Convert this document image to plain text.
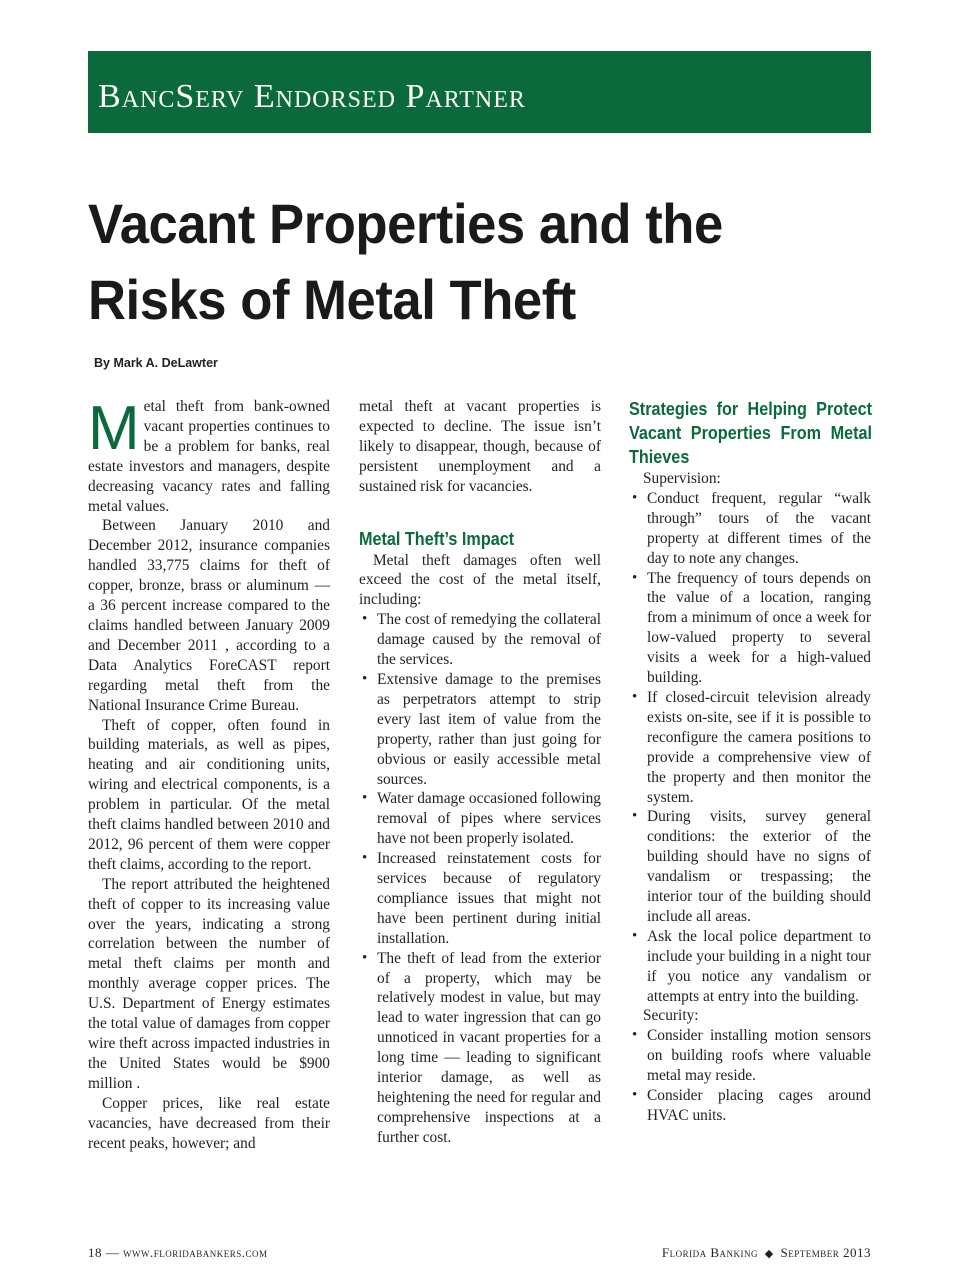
BancServ Endorsed Partner
Vacant Properties and the
Risks of Metal Theft
By Mark A. DeLawter

Metal theft from bank-owned vacant properties continues to be a problem for banks, real estate investors and managers, despite decreasing vacancy rates and falling metal values.

Between January 2010 and December 2012, insurance companies handled 33,775 claims for theft of copper, bronze, brass or aluminum — a 36 percent increase compared to the claims handled between January 2009 and December 2011 , according to a Data Analytics ForeCAST report regarding metal theft from the National Insurance Crime Bureau.

Theft of copper, often found in building materials, as well as pipes, heating and air conditioning units, wiring and electrical components, is a problem in particular. Of the metal theft claims handled between 2010 and 2012, 96 percent of them were copper theft claims, according to the report.

The report attributed the heightened theft of copper to its increasing value over the years, indicating a strong correlation between the number of metal theft claims per month and monthly average copper prices. The U.S. Department of Energy estimates the total value of damages from copper wire theft across impacted industries in the United States would be $900 million .

Copper prices, like real estate vacancies, have decreased from their recent peaks, however; and

metal theft at vacant properties is expected to decline. The issue isn’t likely to disappear, though, because of persistent unemployment and a sustained risk for vacancies.

Metal Theft’s Impact

Metal theft damages often well exceed the cost of the metal itself, including:

• The cost of remedying the collateral damage caused by the removal of the services.
• Extensive damage to the premises as perpetrators attempt to strip every last item of value from the property, rather than just going for obvious or easily accessible metal sources.
• Water damage occasioned following removal of pipes where services have not been properly isolated.
• Increased reinstatement costs for services because of regulatory compliance issues that might not have been pertinent during initial installation.
• The theft of lead from the exterior of a property, which may be relatively modest in value, but may lead to water ingression that can go unnoticed in vacant properties for a long time — leading to significant interior damage, as well as heightening the need for regular and comprehensive inspections at a further cost.
Strategies for Helping Protect Vacant Properties From Metal Thieves

Supervision:

• Conduct frequent, regular “walk through” tours of the vacant property at different times of the day to note any changes.
• The frequency of tours depends on the value of a location, ranging from a minimum of once a week for low-valued property to several visits a week for a high-valued building.
• If closed-circuit television already exists on-site, see if it is possible to reconfigure the camera positions to provide a comprehensive view of the property and then monitor the system.
• During visits, survey general conditions: the exterior of the building should have no signs of vandalism or trespassing; the interior tour of the building should include all areas.
• Ask the local police department to include your building in a night tour if you notice any vandalism or attempts at entry into the building.

Security:

• Consider installing motion sensors on building roofs where valuable metal may reside.
• Consider placing cages around HVAC units.
18 — www.floridabankers.com	Florida Banking ◆ September 2013
